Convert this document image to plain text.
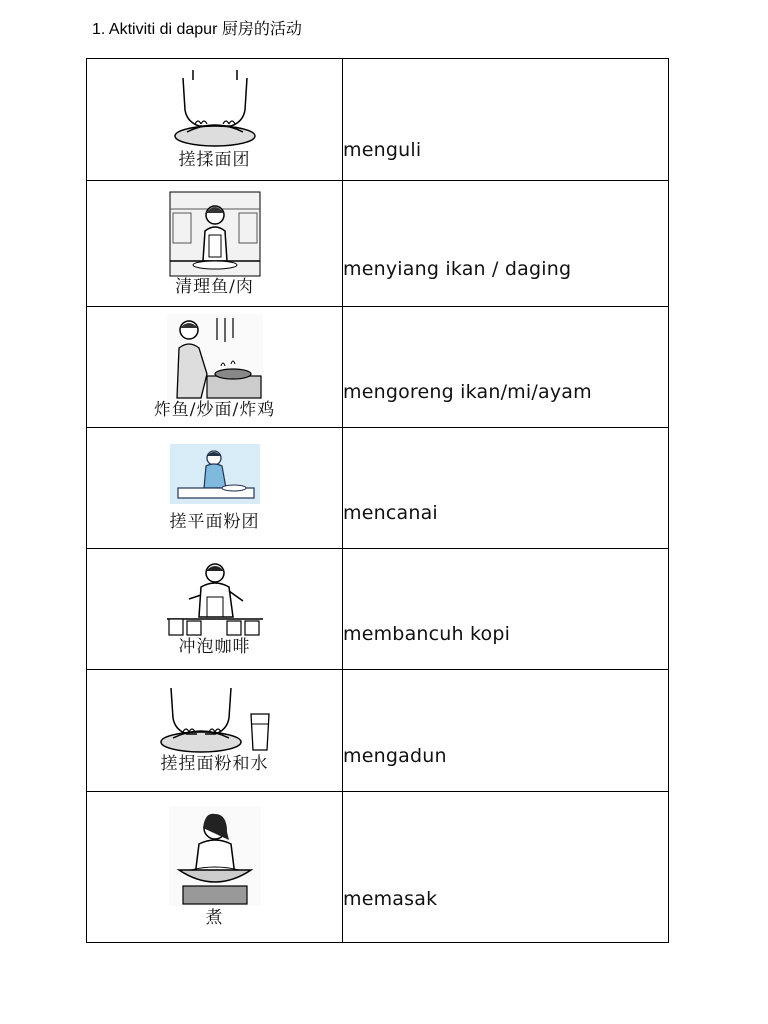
1. Aktiviti di dapur 厨房的活动
搓揉面团	menguli

清理鱼/肉	menyiang ikan / daging

炸鱼/炒面/炸鸡	mengoreng ikan/mi/ayam

搓平面粉团	mencanai

冲泡咖啡	membancuh kopi

搓捏面粉和水	mengadun

煮	memasak
